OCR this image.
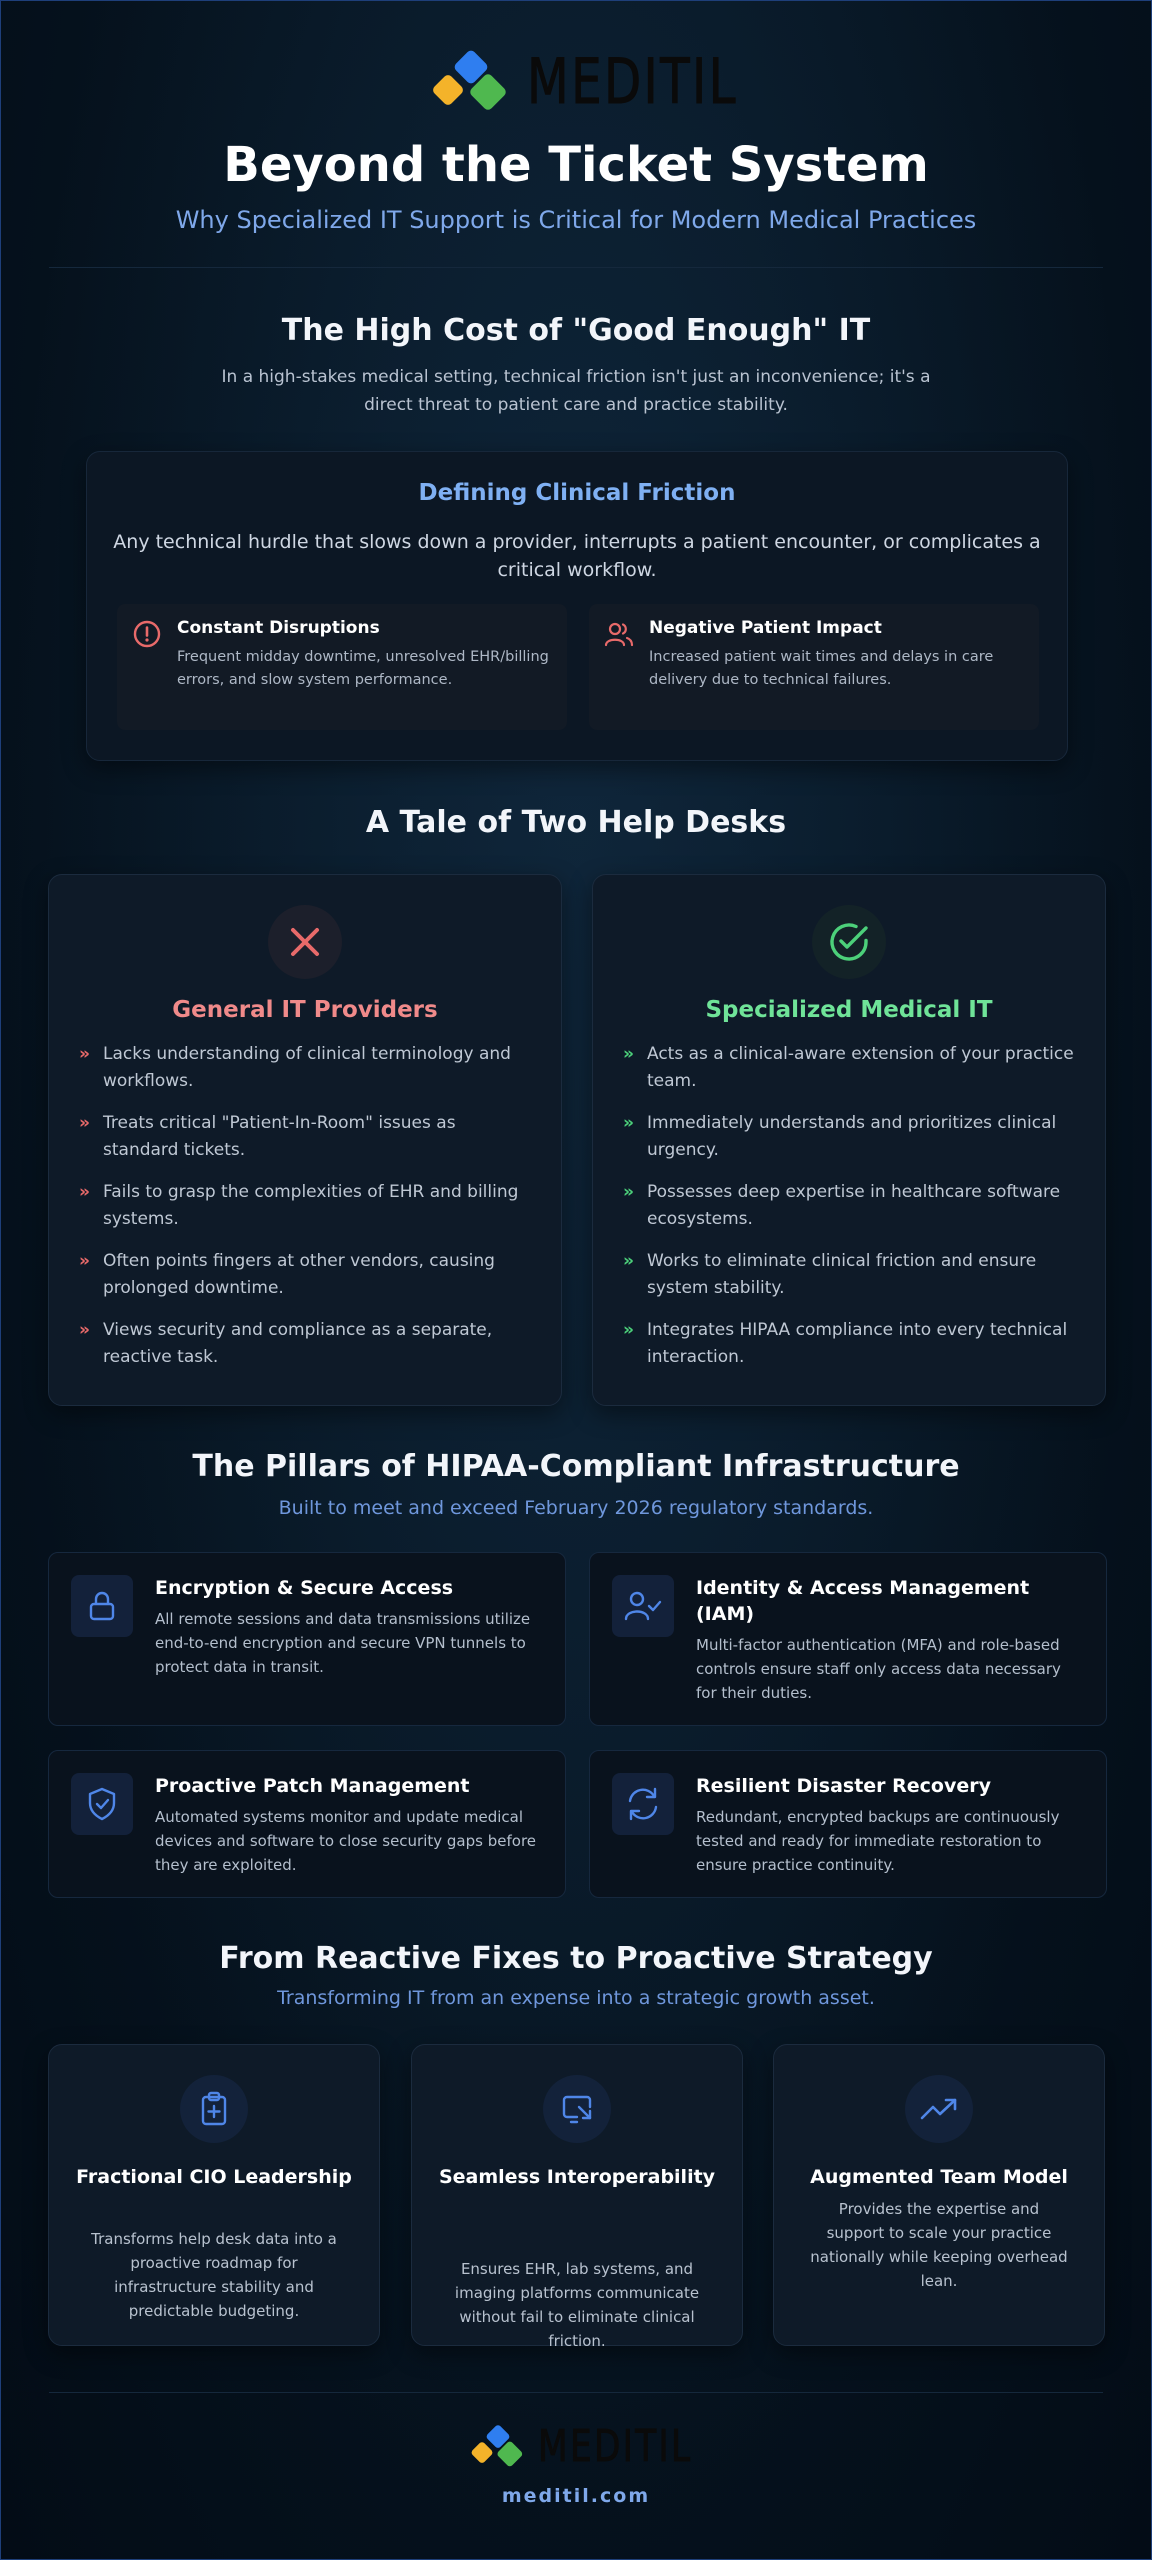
MEDITIL
Beyond the Ticket System
Why Specialized IT Support is Critical for Modern Medical Practices
The High Cost of "Good Enough" IT
In a high-stakes medical setting, technical friction isn't just an inconvenience; it's a direct threat to patient care and practice stability.
Defining Clinical Friction
Any technical hurdle that slows down a provider, interrupts a patient encounter, or complicates a critical workflow.
Constant Disruptions
Frequent midday downtime, unresolved EHR/billing errors, and slow system performance.
Negative Patient Impact
Increased patient wait times and delays in care delivery due to technical failures.
A Tale of Two Help Desks
General IT Providers
» Lacks understanding of clinical terminology and workflows.
» Treats critical "Patient-In-Room" issues as standard tickets.
» Fails to grasp the complexities of EHR and billing systems.
» Often points fingers at other vendors, causing prolonged downtime.
» Views security and compliance as a separate, reactive task.
Specialized Medical IT
» Acts as a clinical-aware extension of your practice team.
» Immediately understands and prioritizes clinical urgency.
» Possesses deep expertise in healthcare software ecosystems.
» Works to eliminate clinical friction and ensure system stability.
» Integrates HIPAA compliance into every technical interaction.
The Pillars of HIPAA-Compliant Infrastructure
Built to meet and exceed February 2026 regulatory standards.
Encryption & Secure Access
All remote sessions and data transmissions utilize end-to-end encryption and secure VPN tunnels to protect data in transit.
Identity & Access Management (IAM)
Multi-factor authentication (MFA) and role-based controls ensure staff only access data necessary for their duties.
Proactive Patch Management
Automated systems monitor and update medical devices and software to close security gaps before they are exploited.
Resilient Disaster Recovery
Redundant, encrypted backups are continuously tested and ready for immediate restoration to ensure practice continuity.
From Reactive Fixes to Proactive Strategy
Transforming IT from an expense into a strategic growth asset.
Fractional CIO Leadership
Transforms help desk data into a proactive roadmap for infrastructure stability and predictable budgeting.
Seamless Interoperability
Ensures EHR, lab systems, and imaging platforms communicate without fail to eliminate clinical friction.
Augmented Team Model
Provides the expertise and support to scale your practice nationally while keeping overhead lean.
MEDITIL
meditil.com
